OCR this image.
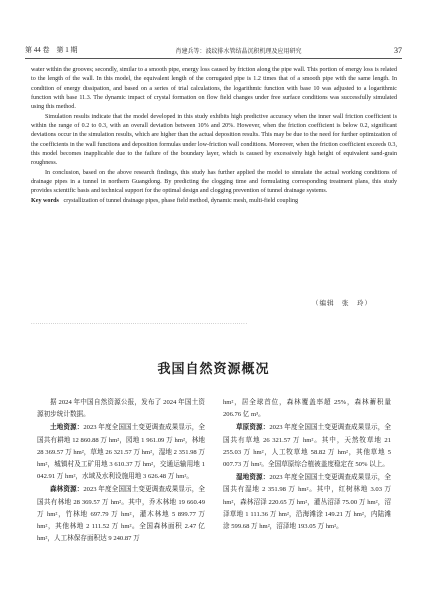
第 44 卷　第 1 期	肖建兵等：波纹排水管结晶沉积机理及应用研究	37

water within the grooves; secondly, similar to a smooth pipe, energy loss caused by friction along the pipe wall. This portion of energy loss is related to the length of the wall. In this model, the equivalent length of the corrugated pipe is 1.2 times that of a smooth pipe with the same length. In condition of energy dissipation, and based on a series of trial calculations, the logarithmic function with base 10 was adjusted to a logarithmic function with base 11.3. The dynamic impact of crystal formation on flow field changes under free surface conditions was successfully simulated using this method.

Simulation results indicate that the model developed in this study exhibits high predictive accuracy when the inner wall friction coefficient is within the range of 0.2 to 0.3, with an overall deviation between 10% and 20%. However, when the friction coefficient is below 0.2, significant deviations occur in the simulation results, which are higher than the actual deposition results. This may be due to the need for further optimization of the coefficients in the wall functions and deposition formulas under low-friction wall conditions. Moreover, when the friction coefficient exceeds 0.3, this model becomes inapplicable due to the failure of the boundary layer, which is caused by excessively high height of equivalent sand-grain roughness.

In conclusion, based on the above research findings, this study has further applied the model to simulate the actual working conditions of drainage pipes in a tunnel in northern Guangdong. By predicting the clogging time and formulating corresponding treatment plans, this study provides scientific basis and technical support for the optimal design and clogging prevention of tunnel drainage systems.

Key words crystallization of tunnel drainage pipes, phase field method, dynamic mesh, multi-field coupling

（编辑　张　玲）
····································································································
我国自然资源概况

据 2024 年中国自然资源公报，发布了 2024 年国土资源初步统计数据。

土地资源：2023 年度全国国土变更调查成果显示，全国共有耕地 12 860.88 万 hm²，园地 1 961.09 万 hm²，林地 28 369.57 万 hm²，草地 26 321.57 万 hm²，湿地 2 351.98 万 hm²，城镇村及工矿用地 3 610.37 万 hm²，交通运输用地 1 042.91 万 hm²，水域及水利设施用地 3 626.48 万 hm²。

森林资源：2023 年度全国国土变更调查成果显示，全国共有林地 28 369.57 万 hm²。其中，乔木林地 19 660.49 万 hm²，竹林地 697.79 万 hm²，灌木林地 5 899.77 万 hm²，其他林地 2 111.52 万 hm²。全国森林面积 2.47 亿 hm²，人工林保存面积达 9 240.87 万

hm²，居全球首位，森林覆盖率超 25%，森林蓄积量 206.76 亿 m³。

草原资源：2023 年度全国国土变更调查成果显示，全国共有草地 26 321.57 万 hm²。其中，天然牧草地 21 255.03 万 hm²，人工牧草地 58.82 万 hm²，其他草地 5 007.73 万 hm²。全国草原综合植被盖度稳定在 50% 以上。

湿地资源：2023 年度全国国土变更调查成果显示，全国共有湿地 2 351.98 万 hm²。其中，红树林地 3.03 万 hm²，森林沼泽 220.65 万 hm²，灌丛沼泽 75.00 万 hm²，沼泽草地 1 111.36 万 hm²，沿海滩涂 149.21 万 hm²，内陆滩涂 599.68 万 hm²，沼泽地 193.05 万 hm²。
